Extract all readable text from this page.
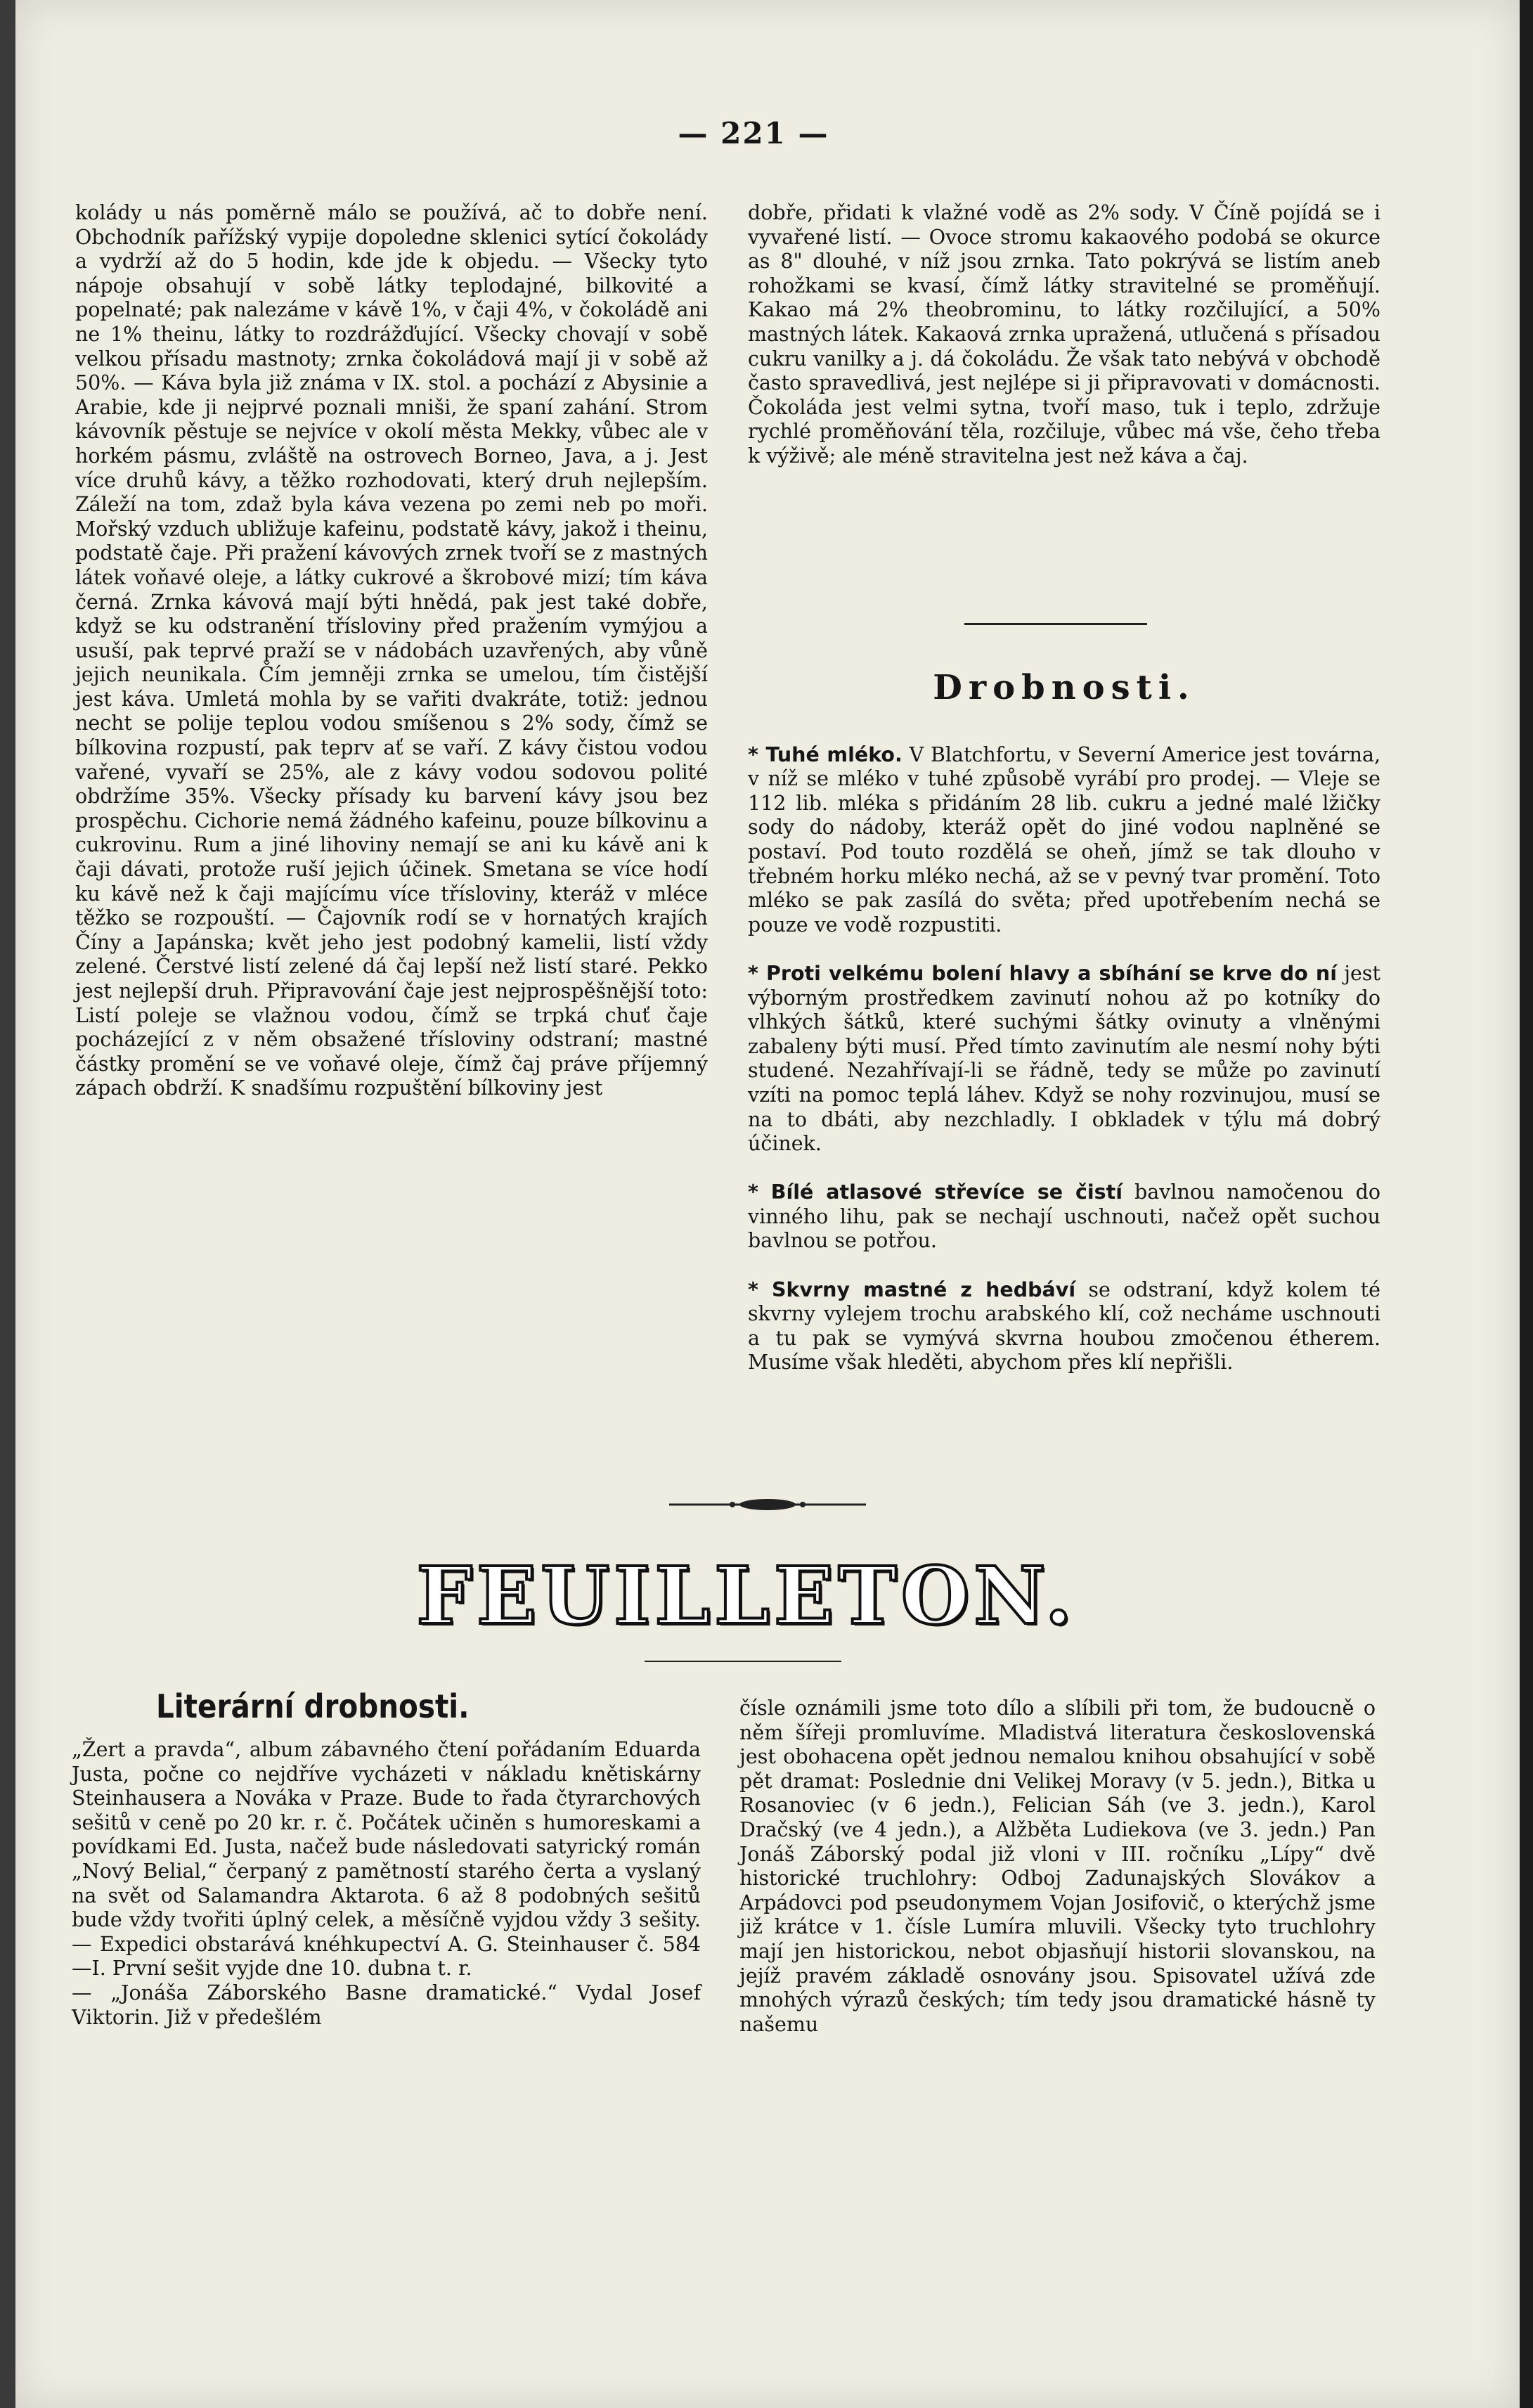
— 221 —
kolády u nás poměrně málo se používá, ač to dobře není. Obchodník pařížský vypije dopoledne sklenici sytící čokolády a vydrží až do 5 hodin, kde jde k objedu. — Všecky tyto nápoje obsahují v sobě látky teplodajné, bilkovité a popelnaté; pak nalezáme v kávě 1%, v čaji 4%, v čokoládě ani ne 1% theinu, látky to rozdrážďující. Všecky chovají v sobě velkou přísadu mastnoty; zrnka čokoládová mají ji v sobě až 50%. — Káva byla již známa v IX. stol. a pochází z Abysinie a Arabie, kde ji nejprvé poznali mniši, že spaní zahání. Strom kávovník pěstuje se nejvíce v okolí města Mekky, vůbec ale v horkém pásmu, zvláště na ostrovech Borneo, Java, a j. Jest více druhů kávy, a těžko rozhodovati, který druh nejlepším. Záleží na tom, zdaž byla káva vezena po zemi neb po moři. Mořský vzduch ubližuje kafeinu, podstatě kávy, jakož i theinu, podstatě čaje. Při pražení kávových zrnek tvoří se z mastných látek voňavé oleje, a látky cukrové a škrobové mizí; tím káva černá. Zrnka kávová mají býti hnědá, pak jest také dobře, když se ku odstranění třísloviny před pražením vymýjou a usuší, pak teprvé praží se v nádobách uzavřených, aby vůně jejich neunikala. Čím jemněji zrnka se umelou, tím čistější jest káva. Umletá mohla by se vařiti dvakráte, totiž: jednou necht se polije teplou vodou smíšenou s 2% sody, čímž se bílkovina rozpustí, pak teprv ať se vaří. Z kávy čistou vodou vařené, vyvaří se 25%, ale z kávy vodou sodovou polité obdržíme 35%. Všecky přísady ku barvení kávy jsou bez prospěchu. Cichorie nemá žádného kafeinu, pouze bílkovinu a cukrovinu. Rum a jiné lihoviny nemají se ani ku kávě ani k čaji dávati, protože ruší jejich účinek. Smetana se více hodí ku kávě než k čaji majícímu více třísloviny, kteráž v mléce těžko se rozpouští. — Čajovník rodí se v hornatých krajích Číny a Japánska; květ jeho jest podobný kamelii, listí vždy zelené. Čerstvé listí zelené dá čaj lepší než listí staré. Pekko jest nejlepší druh. Připravování čaje jest nejprospěšnější toto: Listí poleje se vlažnou vodou, čímž se trpká chuť čaje pocházející z v něm obsažené třísloviny odstraní; mastné částky promění se ve voňavé oleje, čímž čaj práve příjemný zápach obdrží. K snadšímu rozpuštění bílkoviny jest
dobře, přidati k vlažné vodě as 2% sody. V Číně pojídá se i vyvařené listí. — Ovoce stromu kakaového podobá se okurce as 8" dlouhé, v níž jsou zrnka. Tato pokrývá se listím aneb rohožkami se kvasí, čímž látky stravitelné se proměňují. Kakao má 2% theobrominu, to látky rozčilující, a 50% mastných látek. Kakaová zrnka upražená, utlučená s přísadou cukru vanilky a j. dá čokoládu. Že však tato nebývá v obchodě často spravedlivá, jest nejlépe si ji připravovati v domácnosti. Čokoláda jest velmi sytna, tvoří maso, tuk i teplo, zdržuje rychlé proměňování těla, rozčiluje, vůbec má vše, čeho třeba k výživě; ale méně stravitelna jest než káva a čaj.
Drobnosti.

* Tuhé mléko. V Blatchfortu, v Severní Americe jest továrna, v níž se mléko v tuhé způsobě vyrábí pro prodej. — Vleje se 112 lib. mléka s přidáním 28 lib. cukru a jedné malé lžičky sody do nádoby, kteráž opět do jiné vodou naplněné se postaví. Pod touto rozdělá se oheň, jímž se tak dlouho v třebném horku mléko nechá, až se v pevný tvar promění. Toto mléko se pak zasílá do světa; před upotřebením nechá se pouze ve vodě rozpustiti.

* Proti velkému bolení hlavy a sbíhání se krve do ní jest výborným prostředkem zavinutí nohou až po kotníky do vlhkých šátků, které suchými šátky ovinuty a vlněnými zabaleny býti musí. Před tímto zavinutím ale nesmí nohy býti studené. Nezahřívají-li se řádně, tedy se může po zavinutí vzíti na pomoc teplá láhev. Když se nohy rozvinujou, musí se na to dbáti, aby nezchladly. I obkladek v týlu má dobrý účinek.

* Bílé atlasové střevíce se čistí bavlnou namočenou do vinného lihu, pak se nechají uschnouti, načež opět suchou bavlnou se potřou.

* Skvrny mastné z hedbáví se odstraní, když kolem té skvrny vylejem trochu arabského klí, což necháme uschnouti a tu pak se vymývá skvrna houbou zmočenou étherem. Musíme však hleděti, abychom přes klí nepřišli.

FEUILLETON.
Literární drobnosti.
„Žert a pravda“, album zábavného čtení pořádaním Eduarda Justa, počne co nejdříve vycházeti v nákladu knětiskárny Steinhausera a Nováka v Praze. Bude to řada čtyrarchových sešitů v ceně po 20 kr. r. č. Počátek učiněn s humoreskami a povídkami Ed. Justa, načež bude následovati satyrický román „Nový Belial,“ čerpaný z pamětností starého čerta a vyslaný na svět od Salamandra Aktarota. 6 až 8 podobných sešitů bude vždy tvořiti úplný celek, a měsíčně vyjdou vždy 3 sešity. — Expedici obstarává knéhkupectví A. G. Steinhauser č. 584—I. První sešit vyjde dne 10. dubna t. r.
— „Jonáša Záborského Basne dramatické.“ Vydal Josef Viktorin. Již v předešlém
čísle oznámili jsme toto dílo a slíbili při tom, že budoucně o něm šířeji promluvíme. Mladistvá literatura československá jest obohacena opět jednou nemalou knihou obsahující v sobě pět dramat: Poslednie dni Velikej Moravy (v 5. jedn.), Bitka u Rosanoviec (v 6 jedn.), Felician Sáh (ve 3. jedn.), Karol Dračský (ve 4 jedn.), a Alžběta Ludiekova (ve 3. jedn.) Pan Jonáš Záborský podal již vloni v III. ročníku „Lípy“ dvě historické truchlohry: Odboj Zadunajských Slovákov a Arpádovci pod pseudonymem Vojan Josifovič, o kterýchž jsme již krátce v 1. čísle Lumíra mluvili. Všecky tyto truchlohry mají jen historickou, nebot objasňují historii slovanskou, na jejíž pravém základě osnovány jsou. Spisovatel užívá zde mnohých výrazů českých; tím tedy jsou dramatické hásně ty našemu
